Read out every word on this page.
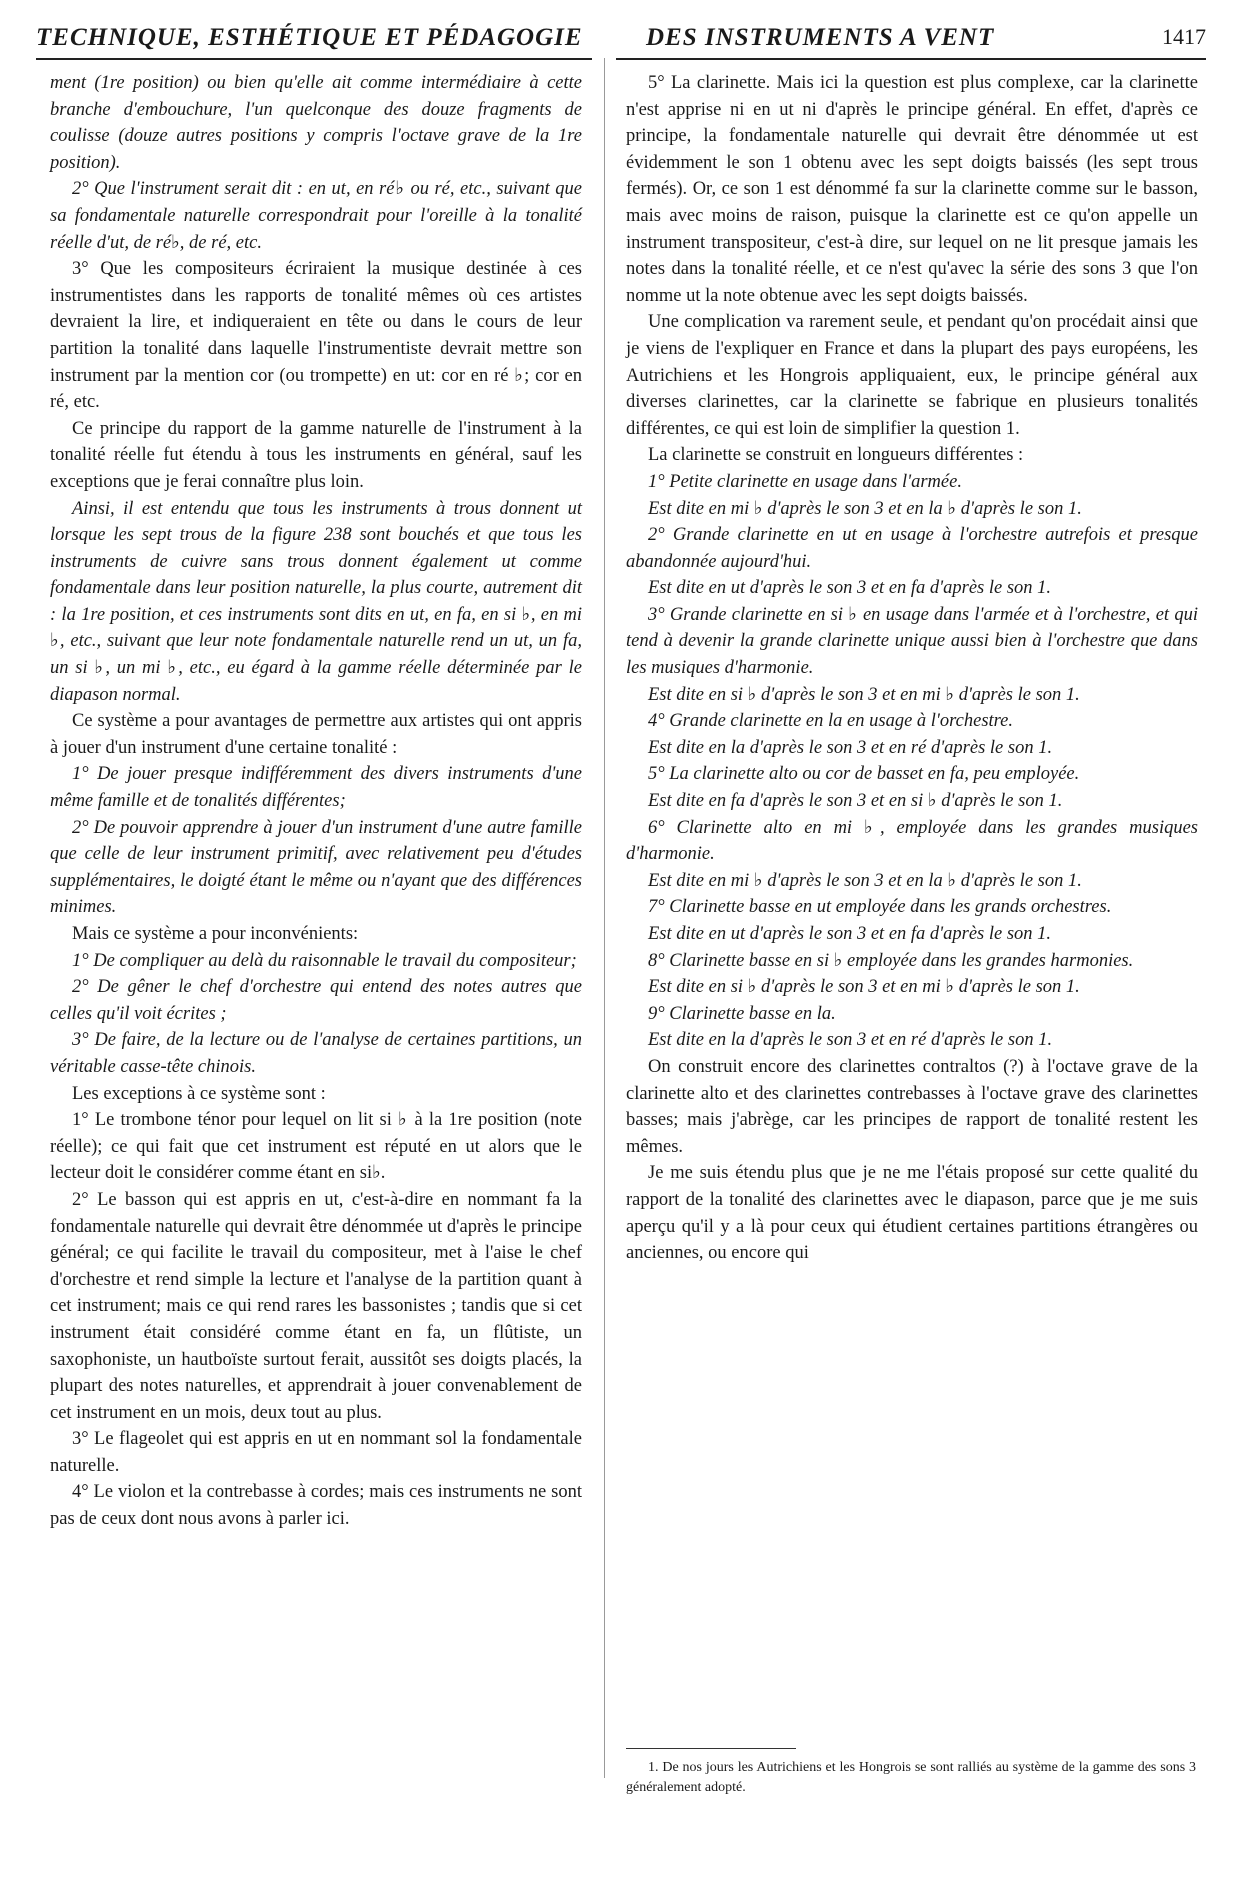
TECHNIQUE, ESTHÉTIQUE ET PÉDAGOGIE	DES INSTRUMENTS A VENT	1417

ment (1re position) ou bien qu'elle ait comme intermédiaire à cette branche d'embouchure, l'un quelconque des douze fragments de coulisse (douze autres positions y compris l'octave grave de la 1re position).

2° Que l'instrument serait dit : en ut, en ré♭ ou ré, etc., suivant que sa fondamentale naturelle correspondrait pour l'oreille à la tonalité réelle d'ut, de ré♭, de ré, etc.

3° Que les compositeurs écriraient la musique destinée à ces instrumentistes dans les rapports de tonalité mêmes où ces artistes devraient la lire, et indiqueraient en tête ou dans le cours de leur partition la tonalité dans laquelle l'instrumentiste devrait mettre son instrument par la mention cor (ou trompette) en ut: cor en ré ♭; cor en ré, etc.

Ce principe du rapport de la gamme naturelle de l'instrument à la tonalité réelle fut étendu à tous les instruments en général, sauf les exceptions que je ferai connaître plus loin.

Ainsi, il est entendu que tous les instruments à trous donnent ut lorsque les sept trous de la figure 238 sont bouchés et que tous les instruments de cuivre sans trous donnent également ut comme fondamentale dans leur position naturelle, la plus courte, autrement dit : la 1re position, et ces instruments sont dits en ut, en fa, en si ♭, en mi ♭, etc., suivant que leur note fondamentale naturelle rend un ut, un fa, un si ♭, un mi ♭, etc., eu égard à la gamme réelle déterminée par le diapason normal.

Ce système a pour avantages de permettre aux artistes qui ont appris à jouer d'un instrument d'une certaine tonalité :

1° De jouer presque indifféremment des divers instruments d'une même famille et de tonalités différentes;

2° De pouvoir apprendre à jouer d'un instrument d'une autre famille que celle de leur instrument primitif, avec relativement peu d'études supplémentaires, le doigté étant le même ou n'ayant que des différences minimes.

Mais ce système a pour inconvénients:

1° De compliquer au delà du raisonnable le travail du compositeur;

2° De gêner le chef d'orchestre qui entend des notes autres que celles qu'il voit écrites ;

3° De faire, de la lecture ou de l'analyse de certaines partitions, un véritable casse-tête chinois.

Les exceptions à ce système sont :

1° Le trombone ténor pour lequel on lit si ♭ à la 1re position (note réelle); ce qui fait que cet instrument est réputé en ut alors que le lecteur doit le considérer comme étant en si♭.

2° Le basson qui est appris en ut, c'est-à-dire en nommant fa la fondamentale naturelle qui devrait être dénommée ut d'après le principe général; ce qui facilite le travail du compositeur, met à l'aise le chef d'orchestre et rend simple la lecture et l'analyse de la partition quant à cet instrument; mais ce qui rend rares les bassonistes ; tandis que si cet instrument était considéré comme étant en fa, un flûtiste, un saxophoniste, un hautboïste surtout ferait, aussitôt ses doigts placés, la plupart des notes naturelles, et apprendrait à jouer convenablement de cet instrument en un mois, deux tout au plus.

3° Le flageolet qui est appris en ut en nommant sol la fondamentale naturelle.

4° Le violon et la contrebasse à cordes; mais ces instruments ne sont pas de ceux dont nous avons à parler ici.

5° La clarinette. Mais ici la question est plus complexe, car la clarinette n'est apprise ni en ut ni d'après le principe général. En effet, d'après ce principe, la fondamentale naturelle qui devrait être dénommée ut est évidemment le son 1 obtenu avec les sept doigts baissés (les sept trous fermés). Or, ce son 1 est dénommé fa sur la clarinette comme sur le basson, mais avec moins de raison, puisque la clarinette est ce qu'on appelle un instrument transpositeur, c'est-à dire, sur lequel on ne lit presque jamais les notes dans la tonalité réelle, et ce n'est qu'avec la série des sons 3 que l'on nomme ut la note obtenue avec les sept doigts baissés.

Une complication va rarement seule, et pendant qu'on procédait ainsi que je viens de l'expliquer en France et dans la plupart des pays européens, les Autrichiens et les Hongrois appliquaient, eux, le principe général aux diverses clarinettes, car la clarinette se fabrique en plusieurs tonalités différentes, ce qui est loin de simplifier la question 1.

La clarinette se construit en longueurs différentes :

1° Petite clarinette en usage dans l'armée.

Est dite en mi ♭ d'après le son 3 et en la ♭ d'après le son 1.

2° Grande clarinette en ut en usage à l'orchestre autrefois et presque abandonnée aujourd'hui.

Est dite en ut d'après le son 3 et en fa d'après le son 1.

3° Grande clarinette en si ♭ en usage dans l'armée et à l'orchestre, et qui tend à devenir la grande clarinette unique aussi bien à l'orchestre que dans les musiques d'harmonie.

Est dite en si ♭ d'après le son 3 et en mi ♭ d'après le son 1.

4° Grande clarinette en la en usage à l'orchestre.

Est dite en la d'après le son 3 et en ré d'après le son 1.

5° La clarinette alto ou cor de basset en fa, peu employée.

Est dite en fa d'après le son 3 et en si ♭ d'après le son 1.

6° Clarinette alto en mi ♭, employée dans les grandes musiques d'harmonie.

Est dite en mi ♭ d'après le son 3 et en la ♭ d'après le son 1.

7° Clarinette basse en ut employée dans les grands orchestres.

Est dite en ut d'après le son 3 et en fa d'après le son 1.

8° Clarinette basse en si ♭ employée dans les grandes harmonies.

Est dite en si ♭ d'après le son 3 et en mi ♭ d'après le son 1.

9° Clarinette basse en la.

Est dite en la d'après le son 3 et en ré d'après le son 1.

On construit encore des clarinettes contraltos (?) à l'octave grave de la clarinette alto et des clarinettes contrebasses à l'octave grave des clarinettes basses; mais j'abrège, car les principes de rapport de tonalité restent les mêmes.

Je me suis étendu plus que je ne me l'étais proposé sur cette qualité du rapport de la tonalité des clarinettes avec le diapason, parce que je me suis aperçu qu'il y a là pour ceux qui étudient certaines partitions étrangères ou anciennes, ou encore qui

1. De nos jours les Autrichiens et les Hongrois se sont ralliés au système de la gamme des sons 3 généralement adopté.
